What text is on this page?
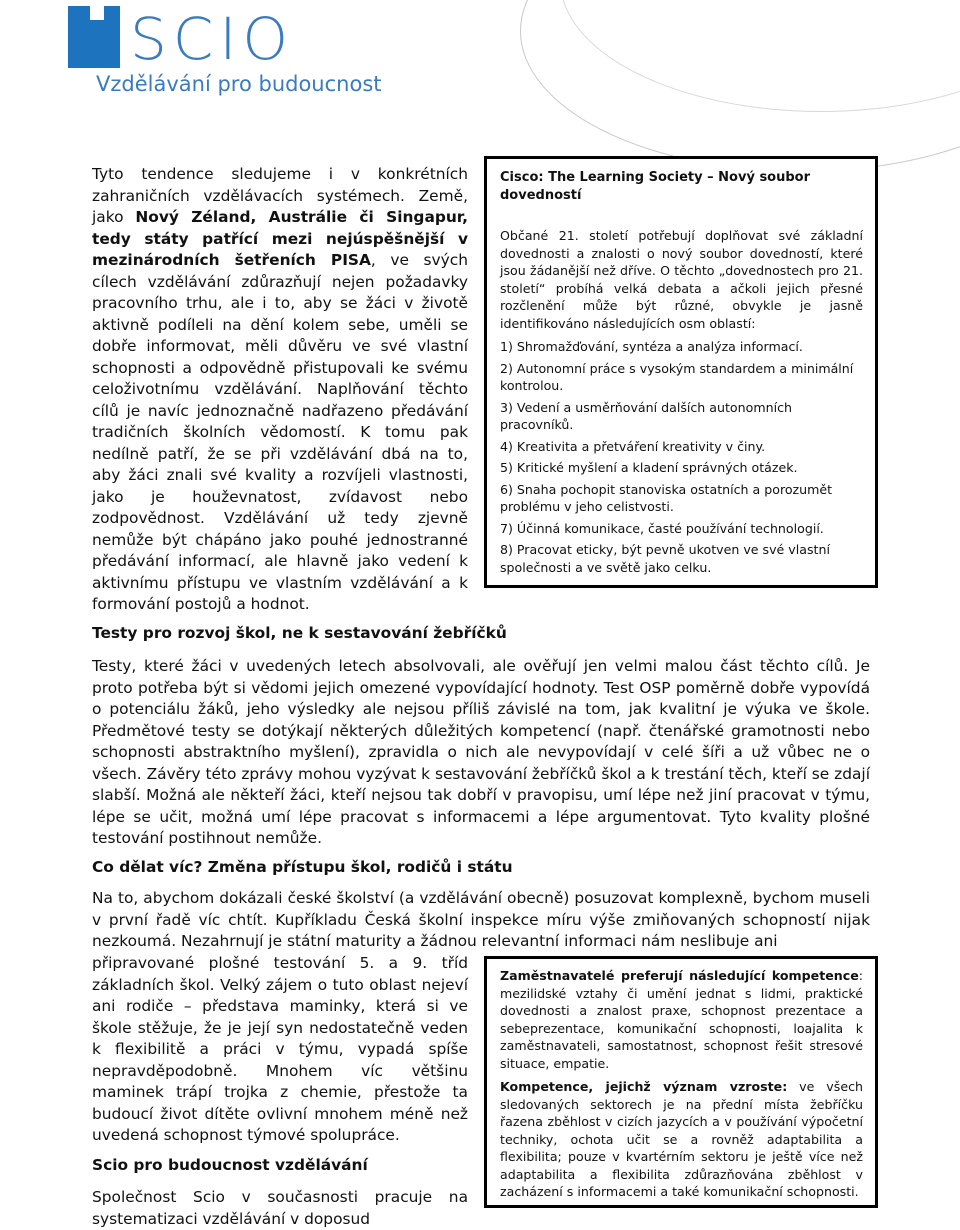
SCIO
Vzdělávání pro budoucnost

Tyto tendence sledujeme i v konkrétních zahraničních vzdělávacích systémech. Země, jako Nový Zéland, Austrálie či Singapur, tedy státy patřící mezi nejúspěšnější v mezinárodních šetřeních PISA, ve svých cílech vzdělávání zdůrazňují nejen požadavky pracovního trhu, ale i to, aby se žáci v životě aktivně podíleli na dění kolem sebe, uměli se dobře informovat, měli důvěru ve své vlastní schopnosti a odpovědně přistupovali ke svému celoživotnímu vzdělávání. Naplňování těchto cílů je navíc jednoznačně nadřazeno předávání tradičních školních vědomostí. K tomu pak nedílně patří, že se při vzdělávání dbá na to, aby žáci znali své kvality a rozvíjeli vlastnosti, jako je houževnatost, zvídavost nebo zodpovědnost. Vzdělávání už tedy zjevně nemůže být chápáno jako pouhé jednostranné předávání informací, ale hlavně jako vedení k aktivnímu přístupu ve vlastním vzdělávání a k formování postojů a hodnot.

Cisco: The Learning Society – Nový soubor dovedností

Občané 21. století potřebují doplňovat své základní dovednosti a znalosti o nový soubor dovedností, které jsou žádanější než dříve. O těchto „dovednostech pro 21. století“ probíhá velká debata a ačkoli jejich přesné rozčlenění může být různé, obvykle je jasně identifikováno následujících osm oblastí:

1) Shromažďování, syntéza a analýza informací.
2) Autonomní práce s vysokým standardem a minimální kontrolou.
3) Vedení a usměrňování dalších autonomních pracovníků.
4) Kreativita a přetváření kreativity v činy.
5) Kritické myšlení a kladení správných otázek.
6) Snaha pochopit stanoviska ostatních a porozumět problému v jeho celistvosti.
7) Účinná komunikace, časté používání technologií.
8) Pracovat eticky, být pevně ukotven ve své vlastní společnosti a ve světě jako celku.
Testy pro rozvoj škol, ne k sestavování žebříčků

Testy, které žáci v uvedených letech absolvovali, ale ověřují jen velmi malou část těchto cílů. Je proto potřeba být si vědomi jejich omezené vypovídající hodnoty. Test OSP poměrně dobře vypovídá o potenciálu žáků, jeho výsledky ale nejsou příliš závislé na tom, jak kvalitní je výuka ve škole. Předmětové testy se dotýkají některých důležitých kompetencí (např. čtenářské gramotnosti nebo schopnosti abstraktního myšlení), zpravidla o nich ale nevypovídají v celé šíři a už vůbec ne o všech. Závěry této zprávy mohou vyzývat k sestavování žebříčků škol a k trestání těch, kteří se zdají slabší. Možná ale někteří žáci, kteří nejsou tak dobří v pravopisu, umí lépe než jiní pracovat v týmu, lépe se učit, možná umí lépe pracovat s informacemi a lépe argumentovat. Tyto kvality plošné testování postihnout nemůže.

Co dělat víc? Změna přístupu škol, rodičů i státu

Na to, abychom dokázali české školství (a vzdělávání obecně) posuzovat komplexně, bychom museli v první řadě víc chtít. Kupříkladu Česká školní inspekce míru výše zmiňovaných schopností nijak nezkoumá. Nezahrnují je státní maturity a žádnou relevantní informaci nám neslibuje ani

připravované plošné testování 5. a 9. tříd základních škol. Velký zájem o tuto oblast nejeví ani rodiče – představa maminky, která si ve škole stěžuje, že je její syn nedostatečně veden k flexibilitě a práci v týmu, vypadá spíše nepravděpodobně. Mnohem víc většinu maminek trápí trojka z chemie, přestože ta budoucí život dítěte ovlivní mnohem méně než uvedená schopnost týmové spolupráce.

Scio pro budoucnost vzdělávání

Společnost Scio v současnosti pracuje na systematizaci vzdělávání v doposud

Zaměstnavatelé preferují následující kompetence: mezilidské vztahy či umění jednat s lidmi, praktické dovednosti a znalost praxe, schopnost prezentace a sebeprezentace, komunikační schopnosti, loajalita k zaměstnavateli, samostatnost, schopnost řešit stresové situace, empatie.

Kompetence, jejichž význam vzroste: ve všech sledovaných sektorech je na přední místa žebříčku řazena zběhlost v cizích jazycích a v používání výpočetní techniky, ochota učit se a rovněž adaptabilita a flexibilita; pouze v kvartérním sektoru je ještě více než adaptabilita a flexibilita zdůrazňována zběhlost v zacházení s informacemi a také komunikační schopnosti.
